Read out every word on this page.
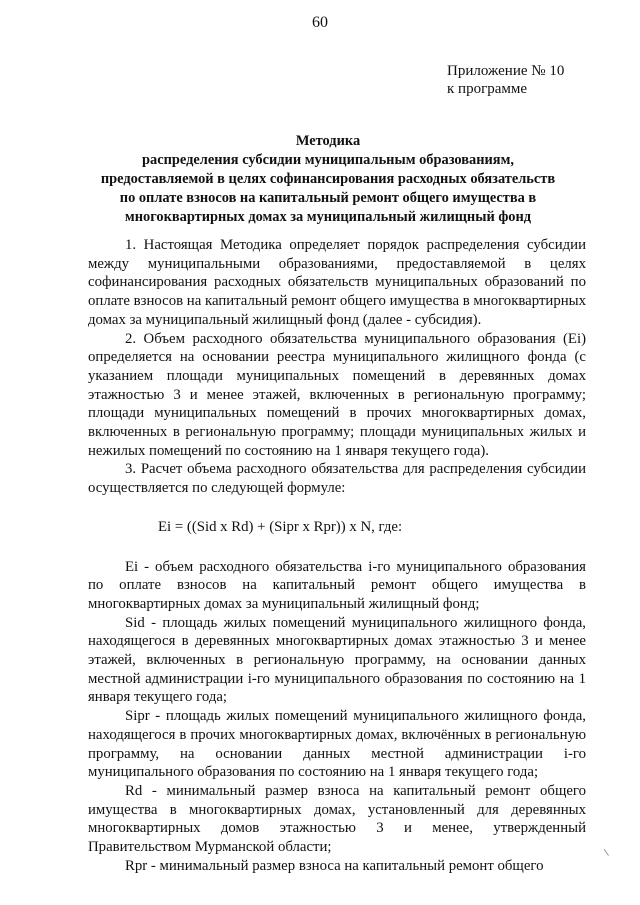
60
Приложение № 10
к программе
Методика
распределения субсидии муниципальным образованиям,
предоставляемой в целях софинансирования расходных обязательств
по оплате взносов на капитальный ремонт общего имущества в
многоквартирных домах за муниципальный жилищный фонд

1. Настоящая Методика определяет порядок распределения субсидии между муниципальными образованиями, предоставляемой в целях софинансирования расходных обязательств муниципальных образований по оплате взносов на капитальный ремонт общего имущества в многоквартирных домах за муниципальный жилищный фонд (далее - субсидия).

2. Объем расходного обязательства муниципального образования (Ei) определяется на основании реестра муниципального жилищного фонда (с указанием площади муниципальных помещений в деревянных домах этажностью 3 и менее этажей, включенных в региональную программу; площади муниципальных помещений в прочих многоквартирных домах, включенных в региональную программу; площади муниципальных жилых и нежилых помещений по состоянию на 1 января текущего года).

3. Расчет объема расходного обязательства для распределения субсидии осуществляется по следующей формуле:

Ei = ((Sid x Rd) + (Sipr x Rpr)) x N, где:

Ei - объем расходного обязательства i-го муниципального образования по оплате взносов на капитальный ремонт общего имущества в многоквартирных домах за муниципальный жилищный фонд;

Sid - площадь жилых помещений муниципального жилищного фонда, находящегося в деревянных многоквартирных домах этажностью 3 и менее этажей, включенных в региональную программу, на основании данных местной администрации i-го муниципального образования по состоянию на 1 января текущего года;

Sipr - площадь жилых помещений муниципального жилищного фонда, находящегося в прочих многоквартирных домах, включённых в региональную программу, на основании данных местной администрации i-го муниципального образования по состоянию на 1 января текущего года;

Rd - минимальный размер взноса на капитальный ремонт общего имущества в многоквартирных домах, установленный для деревянных многоквартирных домов этажностью 3 и менее, утвержденный Правительством Мурманской области;

Rpr - минимальный размер взноса на капитальный ремонт общего
